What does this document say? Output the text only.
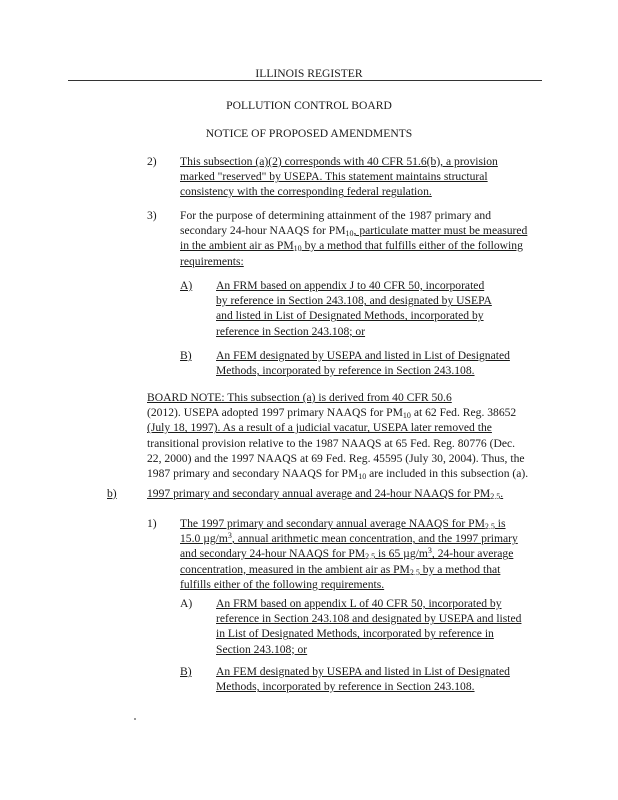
ILLINOIS REGISTER
POLLUTION CONTROL BOARD
NOTICE OF PROPOSED AMENDMENTS
2) This subsection (a)(2) corresponds with 40 CFR 51.6(b), a provision
marked "reserved" by USEPA. This statement maintains structural
consistency with the corresponding federal regulation.
3) For the purpose of determining attainment of the 1987 primary and
secondary 24-hour NAAQS for $PM_{10}$, particulate matter must be measured
in the ambient air as $PM_{10}$ by a method that fulfills either of the following
requirements:
A) An FRM based on appendix J to 40 CFR 50, incorporated
by reference in Section 243.108, and designated by USEPA
and listed in List of Designated Methods, incorporated by
reference in Section 243.108; or
B) An FEM designated by USEPA and listed in List of Designated
Methods, incorporated by reference in Section 243.108.
BOARD NOTE: This subsection (a) is derived from 40 CFR 50.6
(2012). USEPA adopted 1997 primary NAAQS for $PM_{10}$ at 62 Fed. Reg. 38652
(July 18, 1997). As a result of a judicial vacatur, USEPA later removed the
transitional provision relative to the 1987 NAAQS at 65 Fed. Reg. 80776 (Dec.
22, 2000) and the 1997 NAAQS at 69 Fed. Reg. 45595 (July 30, 2004). Thus, the
1987 primary and secondary NAAQS for $PM_{10}$ are included in this subsection (a).
b)	1997 primary and secondary annual average and 24-hour NAAQS for $PM_{2.5}$.
1) The 1997 primary and secondary annual average NAAQS for $PM_{2.5}$ is
15.0 $\mu g/m^3$, annual arithmetic mean concentration, and the 1997 primary
and secondary 24-hour NAAQS for $PM_{2.5}$ is 65 $\mu g/m^3$, 24-hour average
concentration, measured in the ambient air as $PM_{2.5}$ by a method that
fulfills either of the following requirements.
A) An FRM based on appendix L of 40 CFR 50, incorporated by
reference in Section 243.108 and designated by USEPA and listed
in List of Designated Methods, incorporated by reference in
Section 243.108; or
B) An FEM designated by USEPA and listed in List of Designated
Methods, incorporated by reference in Section 243.108.
